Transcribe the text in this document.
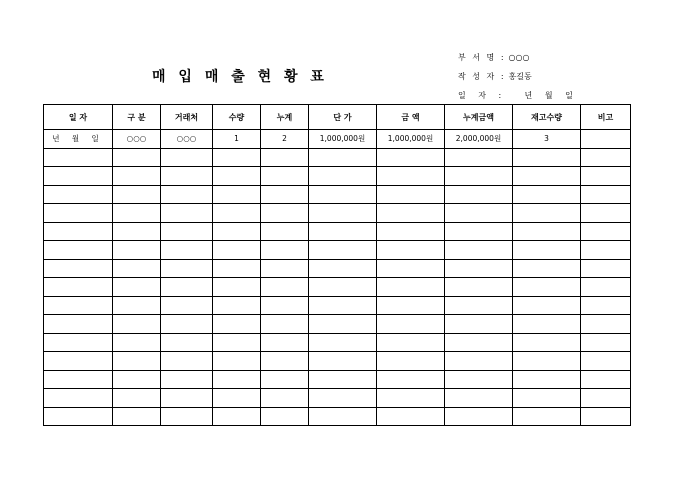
매 입 매 출 현 황 표
부 서 명 : ○○○
작 성 자 : 홍길동
일 자 : 년 월 일
일 자	구 분	거래처	수량	누계	단 가	금 액	누계금액	재고수량	비고
년 월 일	○○○	○○○	1	2	1,000,000원	1,000,000원	2,000,000원	3	
